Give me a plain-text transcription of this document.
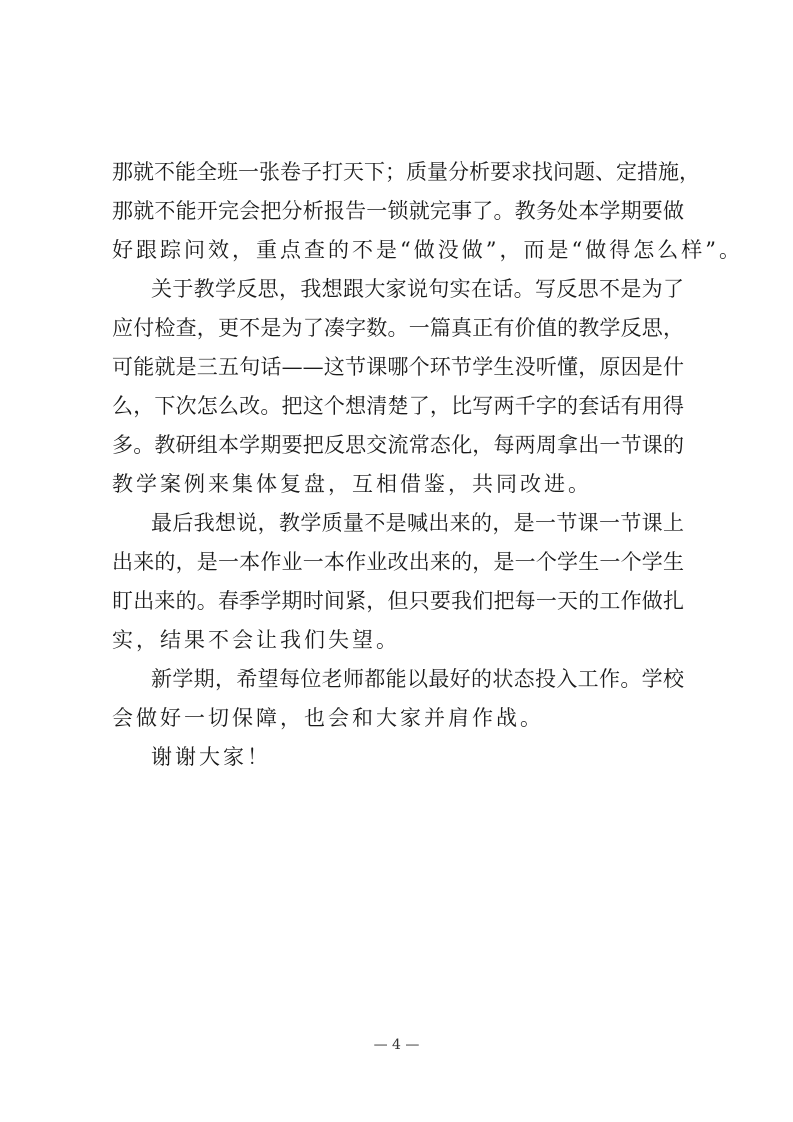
那就不能全班一张卷子打天下；质量分析要求找问题、定措施，
那就不能开完会把分析报告一锁就完事了。教务处本学期要做
好跟踪问效，重点查的不是“做没做”，而是“做得怎么样”。
关于教学反思，我想跟大家说句实在话。写反思不是为了
应付检查，更不是为了凑字数。一篇真正有价值的教学反思，
可能就是三五句话——这节课哪个环节学生没听懂，原因是什
么，下次怎么改。把这个想清楚了，比写两千字的套话有用得
多。教研组本学期要把反思交流常态化，每两周拿出一节课的
教学案例来集体复盘，互相借鉴，共同改进。
最后我想说，教学质量不是喊出来的，是一节课一节课上
出来的，是一本作业一本作业改出来的，是一个学生一个学生
盯出来的。春季学期时间紧，但只要我们把每一天的工作做扎
实，结果不会让我们失望。
新学期，希望每位老师都能以最好的状态投入工作。学校
会做好一切保障，也会和大家并肩作战。
谢谢大家！
— 4 —
